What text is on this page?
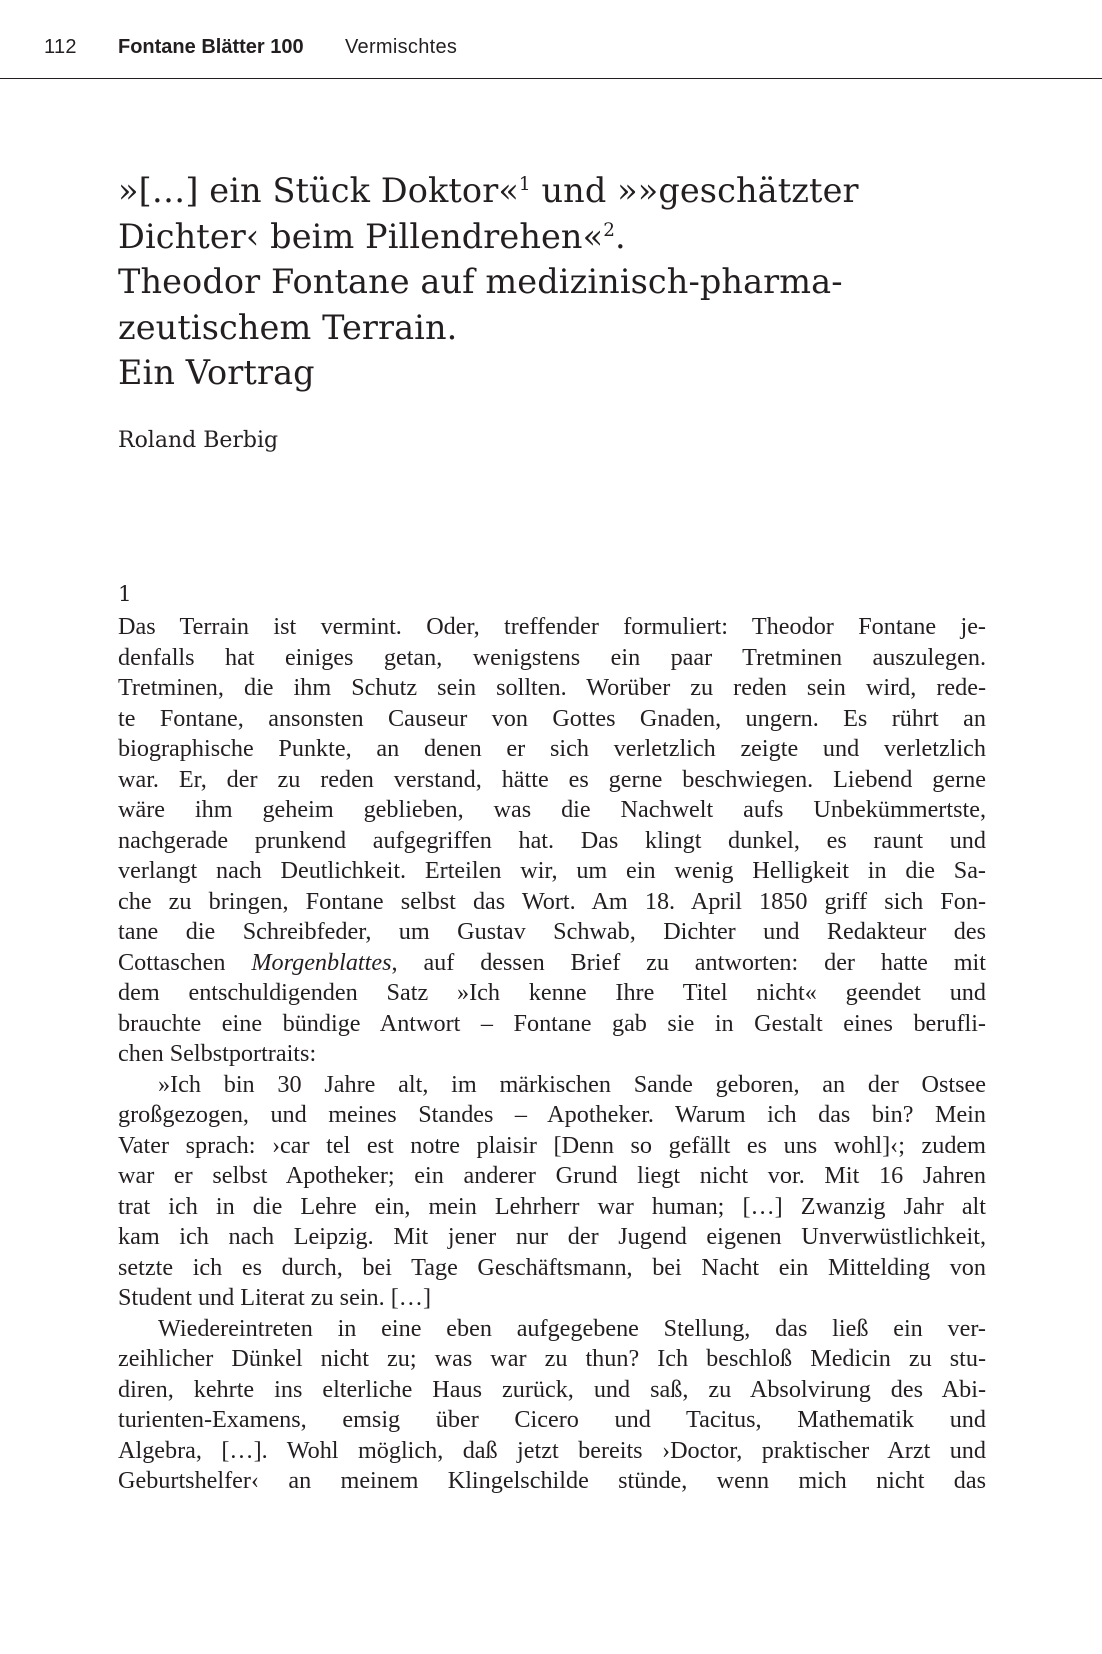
112 Fontane Blätter 100 Vermischtes
»[…] ein Stück Doktor«$^1$ und »»geschätzter
Dichter‹ beim Pillendrehen«$^2$.
Theodor Fontane auf medizinisch-pharma-
zeutischem Terrain.
Ein Vortrag
Roland Berbig
1
Das Terrain ist vermint. Oder, treffender formuliert: Theodor Fontane je-
denfalls hat einiges getan, wenigstens ein paar Tretminen auszulegen.
Tretminen, die ihm Schutz sein sollten. Worüber zu reden sein wird, rede-
te Fontane, ansonsten Causeur von Gottes Gnaden, ungern. Es rührt an
biographische Punkte, an denen er sich verletzlich zeigte und verletzlich
war. Er, der zu reden verstand, hätte es gerne beschwiegen. Liebend gerne
wäre ihm geheim geblieben, was die Nachwelt aufs Unbekümmertste,
nachgerade prunkend aufgegriffen hat. Das klingt dunkel, es raunt und
verlangt nach Deutlichkeit. Erteilen wir, um ein wenig Helligkeit in die Sa-
che zu bringen, Fontane selbst das Wort. Am 18. April 1850 griff sich Fon-
tane die Schreibfeder, um Gustav Schwab, Dichter und Redakteur des
Cottaschen Morgenblattes, auf dessen Brief zu antworten: der hatte mit
dem entschuldigenden Satz »Ich kenne Ihre Titel nicht« geendet und
brauchte eine bündige Antwort – Fontane gab sie in Gestalt eines berufli-
chen Selbstportraits:
»Ich bin 30 Jahre alt, im märkischen Sande geboren, an der Ostsee
großgezogen, und meines Standes – Apotheker. Warum ich das bin? Mein
Vater sprach: ›car tel est notre plaisir [Denn so gefällt es uns wohl]‹; zudem
war er selbst Apotheker; ein anderer Grund liegt nicht vor. Mit 16 Jahren
trat ich in die Lehre ein, mein Lehrherr war human; […] Zwanzig Jahr alt
kam ich nach Leipzig. Mit jener nur der Jugend eigenen Unverwüstlichkeit,
setzte ich es durch, bei Tage Geschäftsmann, bei Nacht ein Mittelding von
Student und Literat zu sein. […]
Wiedereintreten in eine eben aufgegebene Stellung, das ließ ein ver-
zeihlicher Dünkel nicht zu; was war zu thun? Ich beschloß Medicin zu stu-
diren, kehrte ins elterliche Haus zurück, und saß, zu Absolvirung des Abi-
turienten-Examens, emsig über Cicero und Tacitus, Mathematik und
Algebra, […]. Wohl möglich, daß jetzt bereits ›Doctor, praktischer Arzt und
Geburtshelfer‹ an meinem Klingelschilde stünde, wenn mich nicht das
